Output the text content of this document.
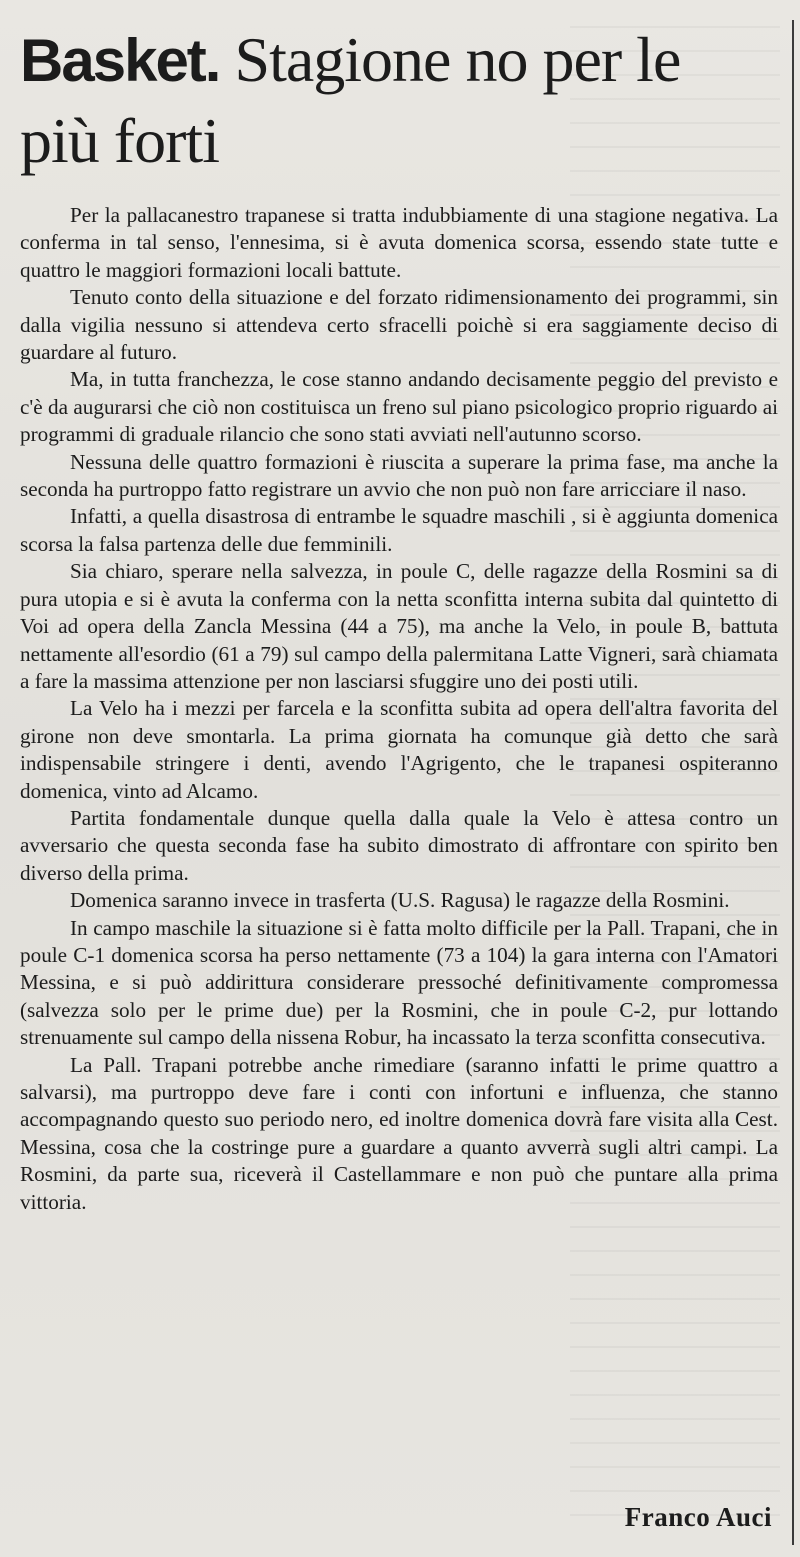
Basket. Stagione no per le più forti

Per la pallacanestro trapanese si tratta indubbiamente di una stagione negativa. La conferma in tal senso, l'ennesima, si è avuta domenica scorsa, essendo state tutte e quattro le maggiori formazioni locali battute.

Tenuto conto della situazione e del forzato ridimensionamento dei programmi, sin dalla vigilia nessuno si attendeva certo sfracelli poichè si era saggiamente deciso di guardare al futuro.

Ma, in tutta franchezza, le cose stanno andando decisamente peggio del previsto e c'è da augurarsi che ciò non costituisca un freno sul piano psicologico proprio riguardo ai programmi di graduale rilancio che sono stati avviati nell'autunno scorso.

Nessuna delle quattro formazioni è riuscita a superare la prima fase, ma anche la seconda ha purtroppo fatto registrare un avvio che non può non fare arricciare il naso.

Infatti, a quella disastrosa di entrambe le squadre maschili , si è aggiunta domenica scorsa la falsa partenza delle due femminili.

Sia chiaro, sperare nella salvezza, in poule C, delle ragazze della Rosmini sa di pura utopia e si è avuta la conferma con la netta sconfitta interna subita dal quintetto di Voi ad opera della Zancla Messina (44 a 75), ma anche la Velo, in poule B, battuta nettamente all'esordio (61 a 79) sul campo della palermitana Latte Vigneri, sarà chiamata a fare la massima attenzione per non lasciarsi sfuggire uno dei posti utili.

La Velo ha i mezzi per farcela e la sconfitta subita ad opera dell'altra favorita del girone non deve smontarla. La prima giornata ha comunque già detto che sarà indispensabile stringere i denti, avendo l'Agrigento, che le trapanesi ospiteranno domenica, vinto ad Alcamo.

Partita fondamentale dunque quella dalla quale la Velo è attesa contro un avversario che questa seconda fase ha subito dimostrato di affrontare con spirito ben diverso della prima.

Domenica saranno invece in trasferta (U.S. Ragusa) le ragazze della Rosmini.

In campo maschile la situazione si è fatta molto difficile per la Pall. Trapani, che in poule C-1 domenica scorsa ha perso nettamente (73 a 104) la gara interna con l'Amatori Messina, e si può addirittura considerare pressoché definitivamente compromessa (salvezza solo per le prime due) per la Rosmini, che in poule C-2, pur lottando strenuamente sul campo della nissena Robur, ha incassato la terza sconfitta consecutiva.

La Pall. Trapani potrebbe anche rimediare (saranno infatti le prime quattro a salvarsi), ma purtroppo deve fare i conti con infortuni e influenza, che stanno accompagnando questo suo periodo nero, ed inoltre domenica dovrà fare visita alla Cest. Messina, cosa che la costringe pure a guardare a quanto avverrà sugli altri campi. La Rosmini, da parte sua, riceverà il Castellammare e non può che puntare alla prima vittoria.

Franco Auci
